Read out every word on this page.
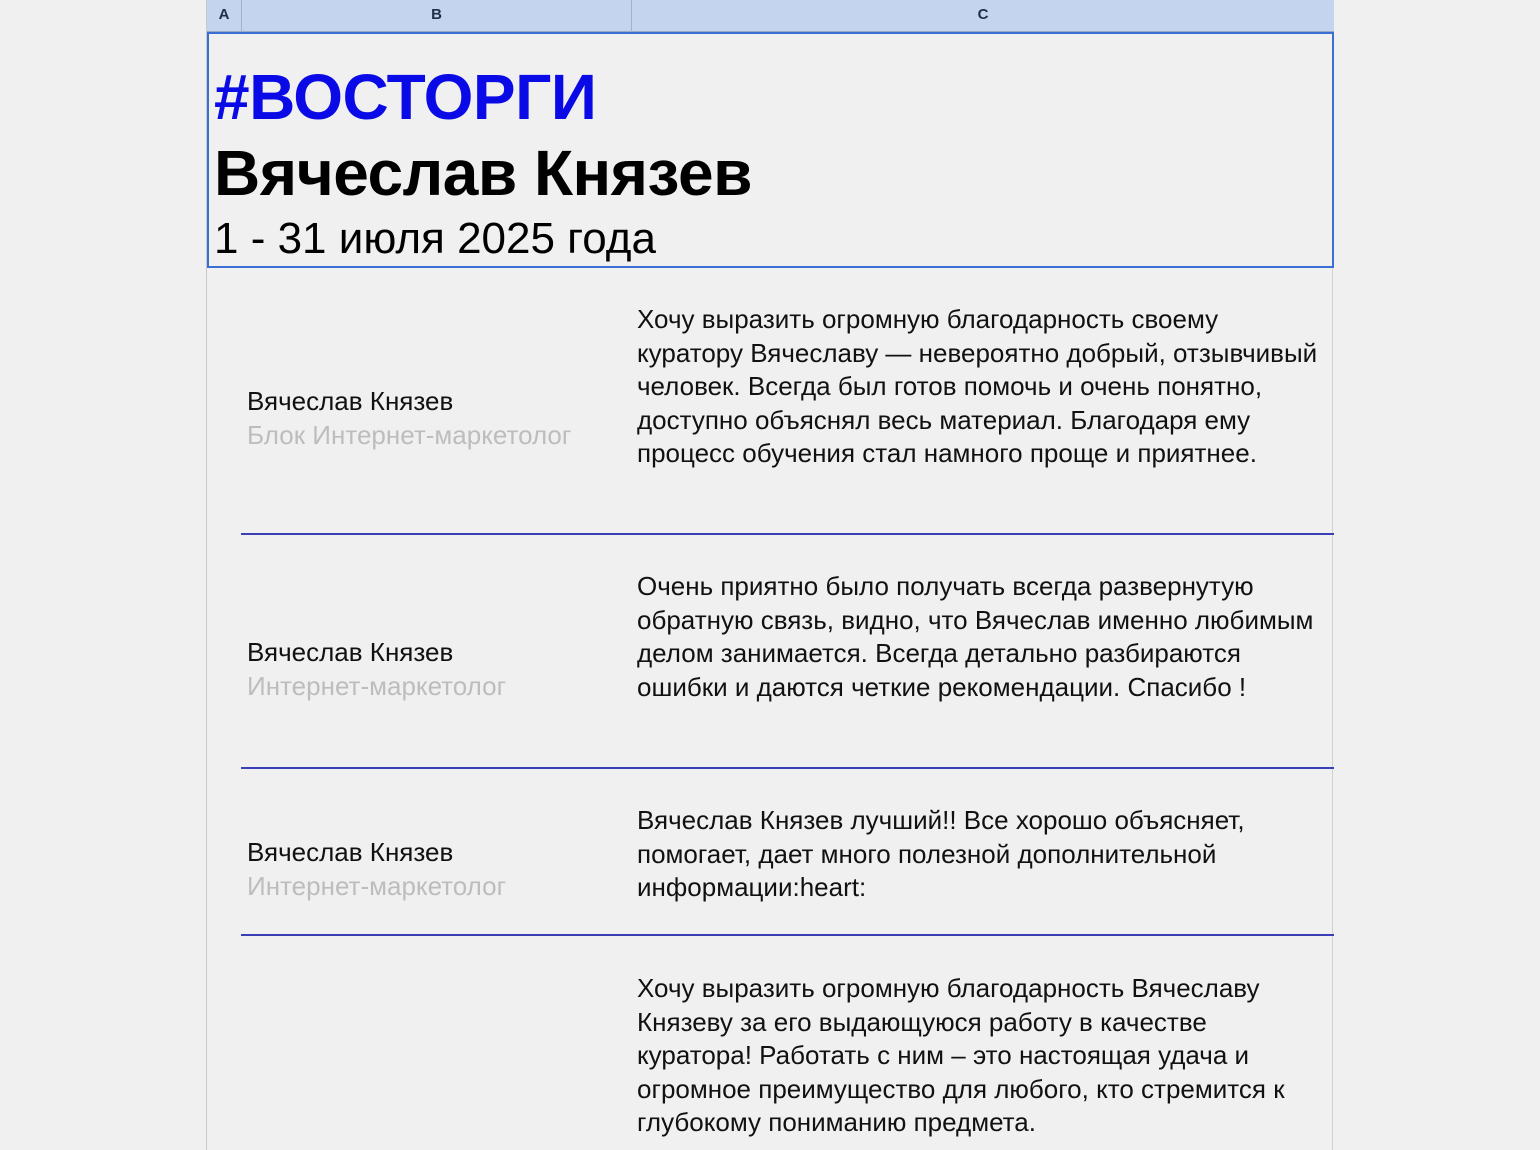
A	B	C
#ВОСТОРГИ
Вячеслав Князев
1 - 31 июля 2025 года
Вячеслав Князев
Блок Интернет-маркетолог
Хочу выразить огромную благодарность своему куратору Вячеславу — невероятно добрый, отзывчивый человек. Всегда был готов помочь и очень понятно, доступно объяснял весь материал. Благодаря ему процесс обучения стал намного проще и приятнее.
Вячеслав Князев
Интернет-маркетолог
Очень приятно было получать всегда развернутую обратную связь, видно, что Вячеслав именно любимым делом занимается. Всегда детально разбираются ошибки и даются четкие рекомендации. Спасибо !
Вячеслав Князев
Интернет-маркетолог
Вячеслав Князев лучший!! Все хорошо объясняет, помогает, дает много полезной дополнительной информации:heart:
Хочу выразить огромную благодарность Вячеславу Князеву за его выдающуюся работу в качестве куратора! Работать с ним – это настоящая удача и огромное преимущество для любого, кто стремится к глубокому пониманию предмета.
